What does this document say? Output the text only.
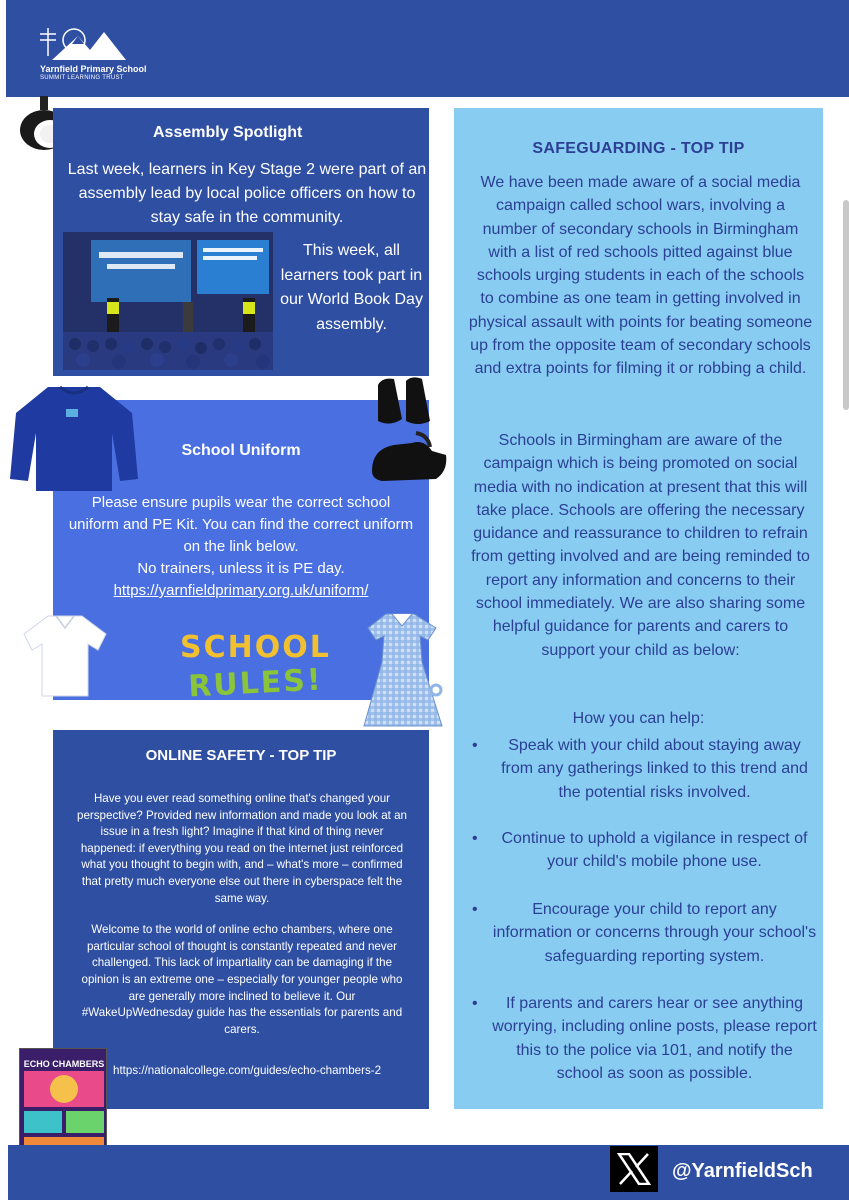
Yarnfield Primary School
SUMMIT LEARNING TRUST
Assembly Spotlight
Last week, learners in Key Stage 2 were part of an assembly lead by local police officers on how to stay safe in the community.
This week, all learners took part in our World Book Day assembly.
School Uniform
Please ensure pupils wear the correct school uniform and PE Kit. You can find the correct uniform on the link below.
No trainers, unless it is PE day.
https://yarnfieldprimary.org.uk/uniform/
SCHOOL
RULES!
ONLINE SAFETY - TOP TIP

Have you ever read something online that's changed your perspective? Provided new information and made you look at an issue in a fresh light? Imagine if that kind of thing never happened: if everything you read on the internet just reinforced what you thought to begin with, and – what's more – confirmed that pretty much everyone else out there in cyberspace felt the same way.

Welcome to the world of online echo chambers, where one particular school of thought is constantly repeated and never challenged. This lack of impartiality can be damaging if the opinion is an extreme one – especially for younger people who are generally more inclined to believe it. Our #WakeUpWednesday guide has the essentials for parents and carers.

https://nationalcollege.com/guides/echo-chambers-2
ECHO CHAMBERS
SAFEGUARDING - TOP TIP
We have been made aware of a social media campaign called school wars, involving a number of secondary schools in Birmingham with a list of red schools pitted against blue schools urging students in each of the schools to combine as one team in getting involved in physical assault with points for beating someone up from the opposite team of secondary schools and extra points for filming it or robbing a child.
Schools in Birmingham are aware of the campaign which is being promoted on social media with no indication at present that this will take place. Schools are offering the necessary guidance and reassurance to children to refrain from getting involved and are being reminded to report any information and concerns to their school immediately. We are also sharing some helpful guidance for parents and carers to support your child as below:
How you can help:
•	Speak with your child about staying away from any gatherings linked to this trend and the potential risks involved.
•	Continue to uphold a vigilance in respect of your child's mobile phone use.
•	Encourage your child to report any information or concerns through your school's safeguarding reporting system.
•	If parents and carers hear or see anything worrying, including online posts, please report this to the police via 101, and notify the school as soon as possible.
@YarnfieldSch
